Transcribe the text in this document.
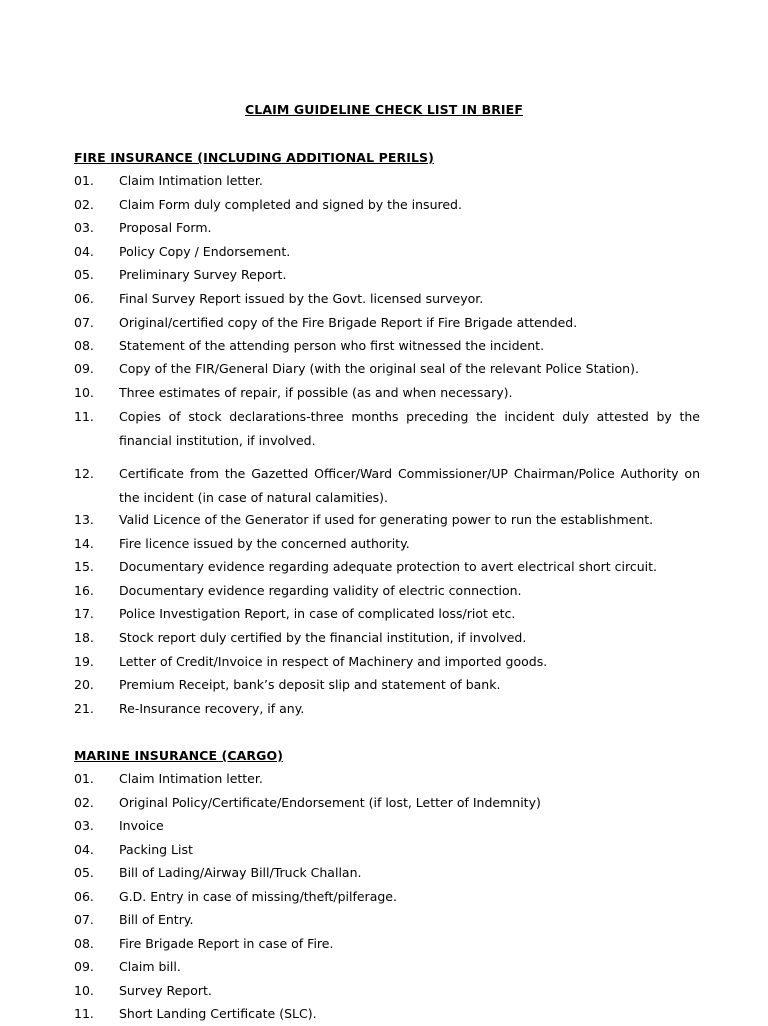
CLAIM GUIDELINE CHECK LIST IN BRIEF
FIRE INSURANCE (INCLUDING ADDITIONAL PERILS)
01. Claim Intimation letter.
02. Claim Form duly completed and signed by the insured.
03. Proposal Form.
04. Policy Copy / Endorsement.
05. Preliminary Survey Report.
06. Final Survey Report issued by the Govt. licensed surveyor.
07. Original/certified copy of the Fire Brigade Report if Fire Brigade attended.
08. Statement of the attending person who first witnessed the incident.
09. Copy of the FIR/General Diary (with the original seal of the relevant Police Station).
10. Three estimates of repair, if possible (as and when necessary).
11. Copies of stock declarations-three months preceding the incident duly attested by the financial institution, if involved.
12. Certificate from the Gazetted Officer/Ward Commissioner/UP Chairman/Police Authority on the incident (in case of natural calamities).
13. Valid Licence of the Generator if used for generating power to run the establishment.
14. Fire licence issued by the concerned authority.
15. Documentary evidence regarding adequate protection to avert electrical short circuit.
16. Documentary evidence regarding validity of electric connection.
17. Police Investigation Report, in case of complicated loss/riot etc.
18. Stock report duly certified by the financial institution, if involved.
19. Letter of Credit/Invoice in respect of Machinery and imported goods.
20. Premium Receipt, bank’s deposit slip and statement of bank.
21. Re-Insurance recovery, if any.
MARINE INSURANCE (CARGO)
01. Claim Intimation letter.
02. Original Policy/Certificate/Endorsement (if lost, Letter of Indemnity)
03. Invoice
04. Packing List
05. Bill of Lading/Airway Bill/Truck Challan.
06. G.D. Entry in case of missing/theft/pilferage.
07. Bill of Entry.
08. Fire Brigade Report in case of Fire.
09. Claim bill.
10. Survey Report.
11. Short Landing Certificate (SLC).
